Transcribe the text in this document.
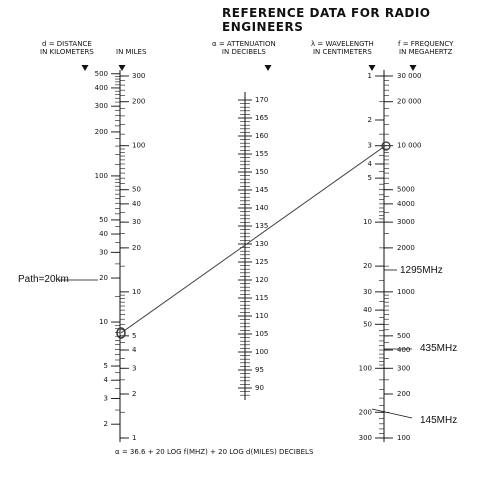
REFERENCE DATA FOR RADIO ENGINEERS
d = DISTANCE
IN KILOMETERS	IN MILES
α = ATTENUATION
IN DECIBELS
λ = WAVELENGTH
IN CENTIMETERS
f = FREQUENCY
IN MEGAHERTZ
300
200
100
50
40
30
20
10
5
4
3
2
1
500
400
300
200
100
50
40
30
20
10
5
4
3
2
170
165
160
155
150
145
140
135
130
125
120
115
110
105
100
95
90
30 000
20 000
10 000
5000
4000
3000
2000
1000
500
400
300
200
100
1
2
3
4
5
10
20
30
40
50
100
200
300
Path=20km
1295MHz
435MHz
145MHz
α = 36.6 + 20 LOG f(MHZ) + 20 LOG d(MILES) DECIBELS
